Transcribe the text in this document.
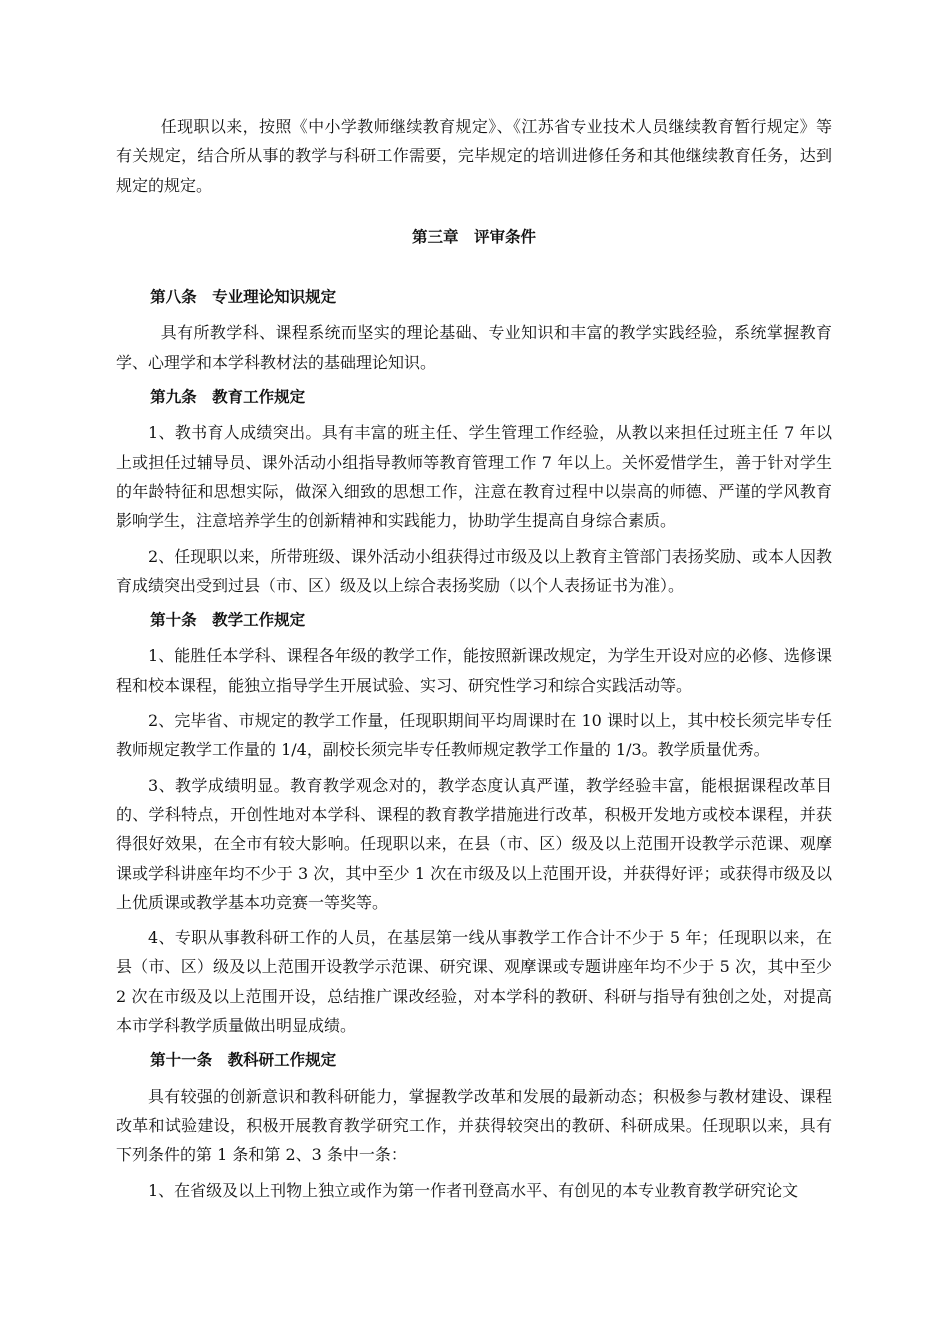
任现职以来，按照《中小学教师继续教育规定》、《江苏省专业技术人员继续教育暂行规定》等有关规定，结合所从事的教学与科研工作需要，完毕规定的培训进修任务和其他继续教育任务，达到规定的规定。

第三章　评审条件

第八条　专业理论知识规定

具有所教学科、课程系统而坚实的理论基础、专业知识和丰富的教学实践经验，系统掌握教育学、心理学和本学科教材法的基础理论知识。

第九条　教育工作规定

1、教书育人成绩突出。具有丰富的班主任、学生管理工作经验，从教以来担任过班主任 7 年以上或担任过辅导员、课外活动小组指导教师等教育管理工作 7 年以上。关怀爱惜学生，善于针对学生的年龄特征和思想实际，做深入细致的思想工作，注意在教育过程中以崇高的师德、严谨的学风教育影响学生，注意培养学生的创新精神和实践能力，协助学生提高自身综合素质。

2、任现职以来，所带班级、课外活动小组获得过市级及以上教育主管部门表扬奖励、或本人因教育成绩突出受到过县（市、区）级及以上综合表扬奖励（以个人表扬证书为准）。

第十条　教学工作规定

1、能胜任本学科、课程各年级的教学工作，能按照新课改规定，为学生开设对应的必修、选修课程和校本课程，能独立指导学生开展试验、实习、研究性学习和综合实践活动等。

2、完毕省、市规定的教学工作量，任现职期间平均周课时在 10 课时以上，其中校长须完毕专任教师规定教学工作量的 1/4，副校长须完毕专任教师规定教学工作量的 1/3。教学质量优秀。

3、教学成绩明显。教育教学观念对的，教学态度认真严谨，教学经验丰富，能根据课程改革目的、学科特点，开创性地对本学科、课程的教育教学措施进行改革，积极开发地方或校本课程，并获得很好效果，在全市有较大影响。任现职以来，在县（市、区）级及以上范围开设教学示范课、观摩课或学科讲座年均不少于 3 次，其中至少 1 次在市级及以上范围开设，并获得好评；或获得市级及以上优质课或教学基本功竞赛一等奖等。

4、专职从事教科研工作的人员，在基层第一线从事教学工作合计不少于 5 年；任现职以来，在县（市、区）级及以上范围开设教学示范课、研究课、观摩课或专题讲座年均不少于 5 次，其中至少 2 次在市级及以上范围开设，总结推广课改经验，对本学科的教研、科研与指导有独创之处，对提高本市学科教学质量做出明显成绩。

第十一条　教科研工作规定

具有较强的创新意识和教科研能力，掌握教学改革和发展的最新动态；积极参与教材建设、课程改革和试验建设，积极开展教育教学研究工作，并获得较突出的教研、科研成果。任现职以来，具有下列条件的第 1 条和第 2、3 条中一条：

1、在省级及以上刊物上独立或作为第一作者刊登高水平、有创见的本专业教育教学研究论文
